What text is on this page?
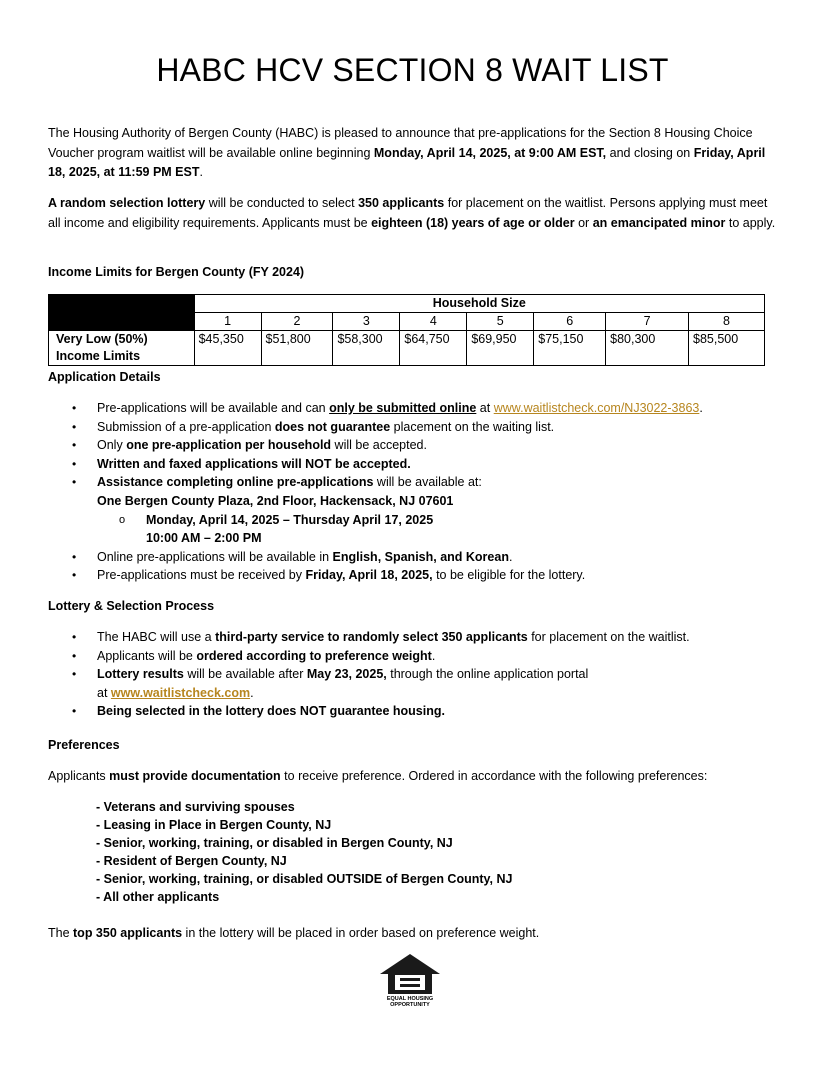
HABC HCV SECTION 8 WAIT LIST

The Housing Authority of Bergen County (HABC) is pleased to announce that pre-applications for the Section 8 Housing Choice Voucher program waitlist will be available online beginning Monday, April 14, 2025, at 9:00 AM EST, and closing on Friday, April 18, 2025, at 11:59 PM EST.

A random selection lottery will be conducted to select 350 applicants for placement on the waitlist. Persons applying must meet all income and eligibility requirements. Applicants must be eighteen (18) years of age or older or an emancipated minor to apply.

Income Limits for Bergen County (FY 2024)

	Household Size							
	1	2	3	4	5	6	7	8
Very Low (50%)
Income Limits	$45,350	$51,800	$58,300	$64,750	$69,950	$75,150	$80,300	$85,500

Application Details

• Pre-applications will be available and can only be submitted online at www.waitlistcheck.com/NJ3022-3863.
• Submission of a pre-application does not guarantee placement on the waiting list.
• Only one pre-application per household will be accepted.
• Written and faxed applications will NOT be accepted.
• Assistance completing online pre-applications will be available at:
One Bergen County Plaza, 2nd Floor, Hackensack, NJ 07601
o Monday, April 14, 2025 – Thursday April 17, 2025
10:00 AM – 2:00 PM
• Online pre-applications will be available in English, Spanish, and Korean.
• Pre-applications must be received by Friday, April 18, 2025, to be eligible for the lottery.

Lottery & Selection Process

• The HABC will use a third-party service to randomly select 350 applicants for placement on the waitlist.
• Applicants will be ordered according to preference weight.
• Lottery results will be available after May 23, 2025, through the online application portal
at www.waitlistcheck.com.
• Being selected in the lottery does NOT guarantee housing.

Preferences

Applicants must provide documentation to receive preference. Ordered in accordance with the following preferences:

- Veterans and surviving spouses
- Leasing in Place in Bergen County, NJ
- Senior, working, training, or disabled in Bergen County, NJ
- Resident of Bergen County, NJ
- Senior, working, training, or disabled OUTSIDE of Bergen County, NJ
- All other applicants

The top 350 applicants in the lottery will be placed in order based on preference weight.

EQUAL HOUSING
OPPORTUNITY
